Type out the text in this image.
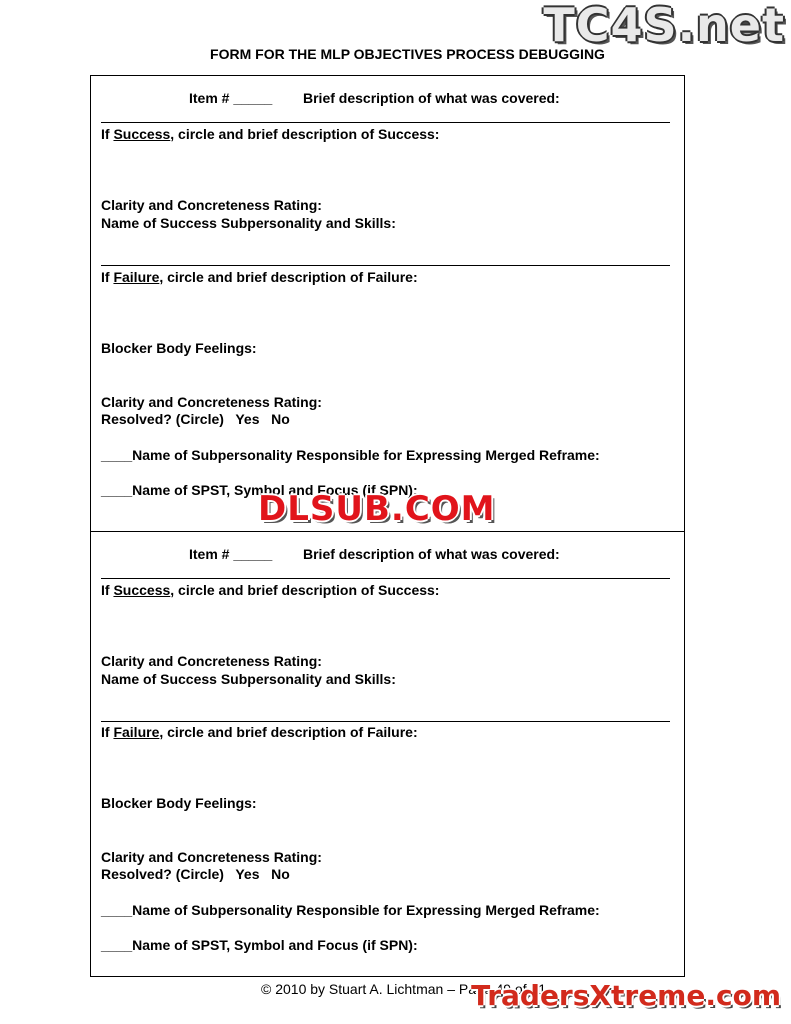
TC4S.net
FORM FOR THE MLP OBJECTIVES PROCESS DEBUGGING
Item # _____ Brief description of what was covered:
If Success, circle and brief description of Success:
Clarity and Concreteness Rating:
Name of Success Subpersonality and Skills:
If Failure, circle and brief description of Failure:
Blocker Body Feelings:
Clarity and Concreteness Rating:
Resolved? (Circle)   Yes   No
____Name of Subpersonality Responsible for Expressing Merged Reframe:
____Name of SPST, Symbol and Focus (if SPN):
Item # _____ Brief description of what was covered:
If Success, circle and brief description of Success:
Clarity and Concreteness Rating:
Name of Success Subpersonality and Skills:
If Failure, circle and brief description of Failure:
Blocker Body Feelings:
Clarity and Concreteness Rating:
Resolved? (Circle)   Yes   No
____Name of Subpersonality Responsible for Expressing Merged Reframe:
____Name of SPST, Symbol and Focus (if SPN):
DLSUB.COM
© 2010 by Stuart A. Lichtman – Page 49 of 51
TradersXtreme.com
